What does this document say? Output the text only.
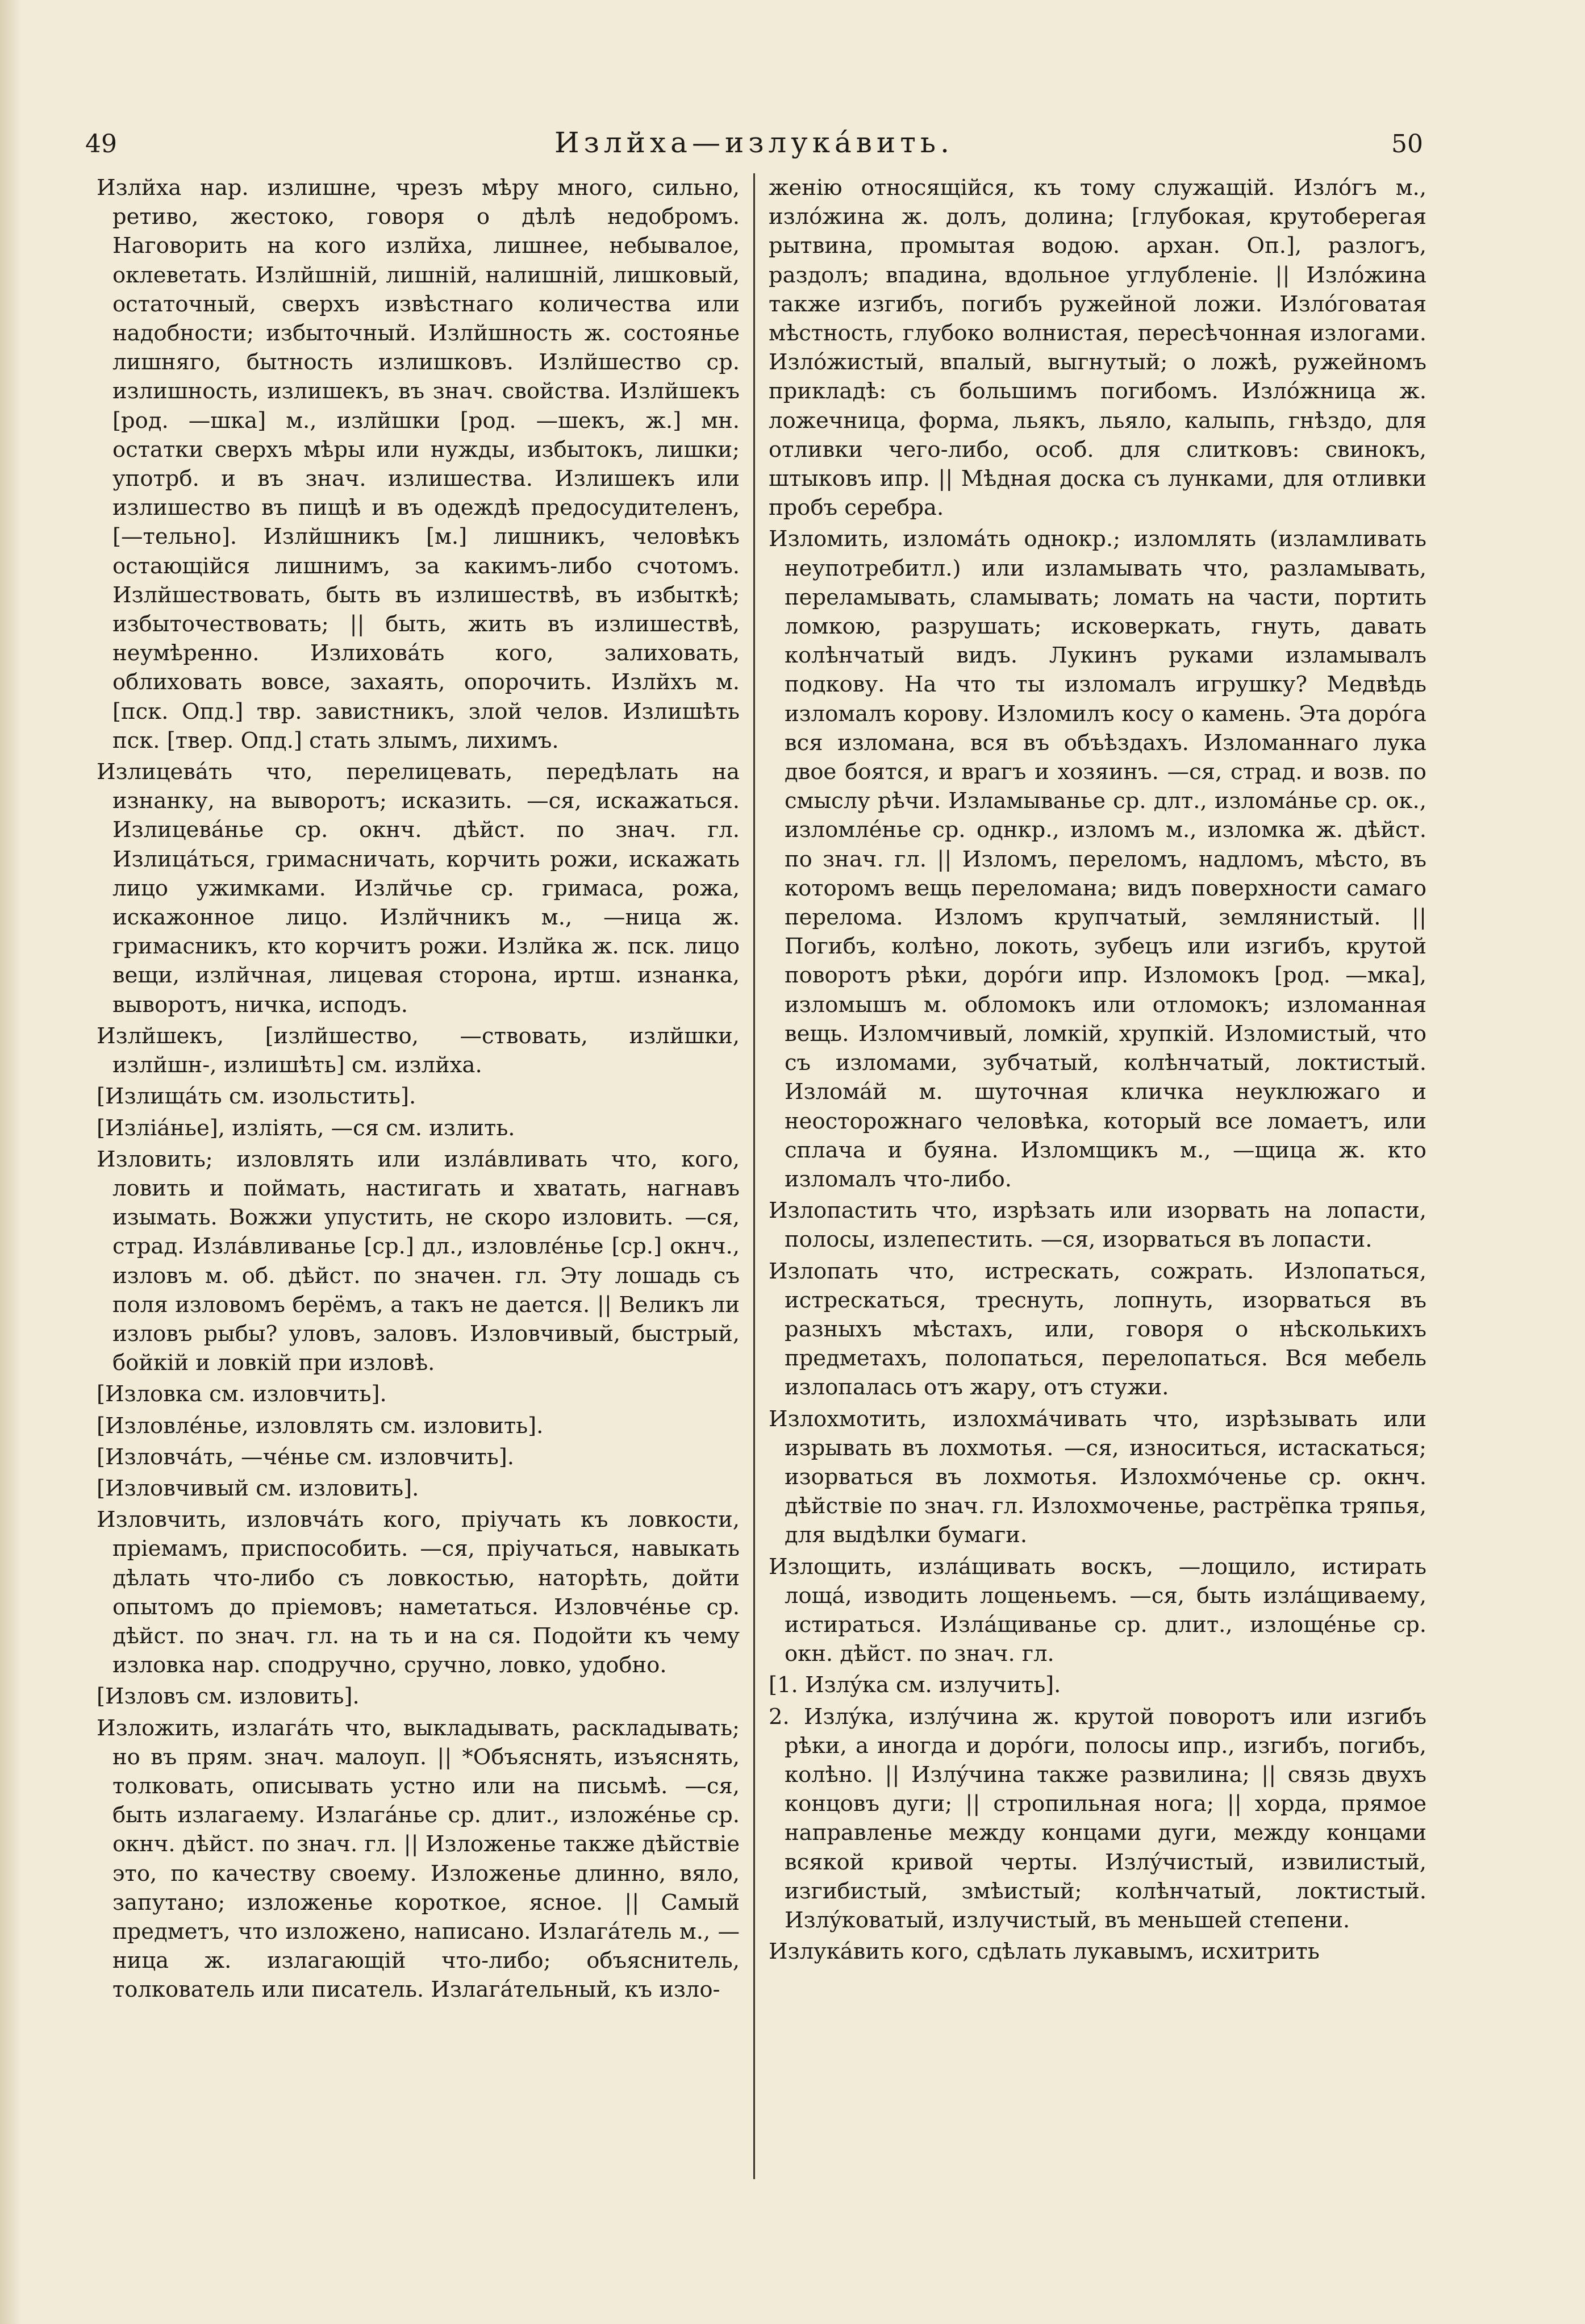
49	Излйха—излукáвить.	50

Излйха нар. излишне, чрезъ мѣру много, сильно, ретиво, жестоко, говоря о дѣлѣ недобромъ. Наговорить на кого излйха, лишнее, небывалое, оклеветать. Излйшній, лишній, налишній, лишковый, остаточный, сверхъ извѣстнаго количества или надобности; избыточный. Излйшность ж. состоянье лишняго, бытность излишковъ. Излйшество ср. излишность, излишекъ, въ знач. свойства. Излйшекъ [род. —шка] м., излйшки [род. —шекъ, ж.] мн. остатки сверхъ мѣры или нужды, избытокъ, лишки; употрб. и въ знач. излишества. Излишекъ или излишество въ пищѣ и въ одеждѣ предосудителенъ, [—тельно]. Излйшникъ [м.] лишникъ, человѣкъ остающійся лишнимъ, за какимъ-либо счотомъ. Излйшествовать, быть въ излишествѣ, въ избыткѣ; избыточествовать; || быть, жить въ излишествѣ, неумѣренно. Излиховáть кого, залиховать, облиховать вовсе, захаять, опорочить. Излйхъ м. [пск. Опд.] твр. завистникъ, злой челов. Излишѣть пск. [твер. Опд.] стать злымъ, лихимъ.

Излицевáть что, перелицевать, передѣлать на изнанку, на выворотъ; исказить. —ся, искажаться. Излицевáнье ср. окнч. дѣйст. по знач. гл. Излицáться, гримасничать, корчить рожи, искажать лицо ужимками. Излйчье ср. гримаса, рожа, искажонное лицо. Излйчникъ м., —ница ж. гримасникъ, кто корчитъ рожи. Излйка ж. пск. лицо вещи, излйчная, лицевая сторона, иртш. изнанка, выворотъ, ничка, исподъ.

Излйшекъ, [излйшество, —ствовать, излйшки, излйшн-, излишѣть] см. излйха.

[Излищáть см. изольстить].

[Излiáнье], излiять, —ся см. излить.

Изловить; изловлять или излáвливать что, кого, ловить и поймать, настигать и хватать, нагнавъ изымать. Вожжи упустить, не скоро изловить. —ся, страд. Излáвливанье [ср.] дл., изловлéнье [ср.] окнч., изловъ м. об. дѣйст. по значен. гл. Эту лошадь съ поля изловомъ берёмъ, а такъ не дается. || Великъ ли изловъ рыбы? уловъ, заловъ. Изловчивый, быстрый, бойкій и ловкій при изловѣ.

[Изловка см. изловчить].

[Изловлéнье, изловлять см. изловить].

[Изловчáть, —чéнье см. изловчить].

[Изловчивый см. изловить].

Изловчить, изловчáть кого, пріучать къ ловкости, пріемамъ, приспособить. —ся, пріучаться, навыкать дѣлать что-либо съ ловкостью, наторѣть, дойти опытомъ до пріемовъ; наметаться. Изловчéнье ср. дѣйст. по знач. гл. на ть и на ся. Подойти къ чему изловка нар. сподручно, сручно, ловко, удобно.

[Изловъ см. изловить].

Изложить, излагáть что, выкладывать, раскладывать; но въ прям. знач. малоуп. || *Объяснять, изъяснять, толковать, описывать устно или на письмѣ. —ся, быть излагаему. Излагáнье ср. длит., изложéнье ср. окнч. дѣйст. по знач. гл. || Изложенье также дѣйствіе это, по качеству своему. Изложенье длинно, вяло, запутано; изложенье короткое, ясное. || Самый предметъ, что изложено, написано. Излагáтель м., —ница ж. излагающій что-либо; объяснитель, толкователь или писатель. Излагáтельный, къ изло-

женію относящійся, къ тому служащій. Излóгъ м., излóжина ж. долъ, долина; [глубокая, крутоберегая рытвина, промытая водою. архан. Оп.], разлогъ, раздолъ; впадина, вдольное углубленіе. || Излóжина также изгибъ, погибъ ружейной ложи. Излóговатая мѣстность, глубоко волнистая, пересѣчонная излогами. Излóжистый, впалый, выгнутый; о ложѣ, ружейномъ прикладѣ: съ большимъ погибомъ. Излóжница ж. ложечница, форма, льякъ, льяло, калыпь, гнѣздо, для отливки чего-либо, особ. для слитковъ: свинокъ, штыковъ ипр. || Мѣдная доска съ лунками, для отливки пробъ серебра.

Изломить, изломáть однокр.; изломлять (изламливать неупотребитл.) или изламывать что, разламывать, переламывать, сламывать; ломать на части, портить ломкою, разрушать; исковеркать, гнуть, давать колѣнчатый видъ. Лукинъ руками изламывалъ подкову. На что ты изломалъ игрушку? Медвѣдь изломалъ корову. Изломилъ косу о камень. Эта дорóга вся изломана, вся въ объѣздахъ. Изломаннаго лука двое боятся, и врагъ и хозяинъ. —ся, страд. и возв. по смыслу рѣчи. Изламыванье ср. длт., изломáнье ср. ок., изломлéнье ср. однкр., изломъ м., изломка ж. дѣйст. по знач. гл. || Изломъ, переломъ, надломъ, мѣсто, въ которомъ вещь переломана; видъ поверхности самаго перелома. Изломъ крупчатый, землянистый. || Погибъ, колѣно, локоть, зубецъ или изгибъ, крутой поворотъ рѣки, дорóги ипр. Изломокъ [род. —мка], изломышъ м. обломокъ или отломокъ; изломанная вещь. Изломчивый, ломкій, хрупкій. Изломистый, что съ изломами, зубчатый, колѣнчатый, локтистый. Изломáй м. шуточная кличка неуклюжаго и неосторожнаго человѣка, который все ломаетъ, или сплача и буяна. Изломщикъ м., —щица ж. кто изломалъ что-либо.

Излопастить что, изрѣзать или изорвать на лопасти, полосы, излепестить. —ся, изорваться въ лопасти.

Излопать что, истрескать, сожрать. Излопаться, истрескаться, треснуть, лопнуть, изорваться въ разныхъ мѣстахъ, или, говоря о нѣсколькихъ предметахъ, полопаться, перелопаться. Вся мебель излопалась отъ жару, отъ стужи.

Излохмотить, излохмáчивать что, изрѣзывать или изрывать въ лохмотья. —ся, износиться, истаскаться; изорваться въ лохмотья. Излохмóченье ср. окнч. дѣйствіе по знач. гл. Излохмоченье, растрёпка тряпья, для выдѣлки бумаги.

Излощить, излáщивать воскъ, —лощило, истирать лощá, изводить лощеньемъ. —ся, быть излáщиваему, истираться. Излáщиванье ср. длит., излощéнье ср. окн. дѣйст. по знач. гл.

[1. Излýка см. излучить].

2. Излýка, излýчина ж. крутой поворотъ или изгибъ рѣки, а иногда и дорóги, полосы ипр., изгибъ, погибъ, колѣно. || Излýчина также развилина; || связь двухъ концовъ дуги; || стропильная нога; || хорда, прямое направленье между концами дуги, между концами всякой кривой черты. Излýчистый, извилистый, изгибистый, змѣистый; колѣнчатый, локтистый. Излýковатый, излучистый, въ меньшей степени.

Излукáвить кого, сдѣлать лукавымъ, исхитрить
